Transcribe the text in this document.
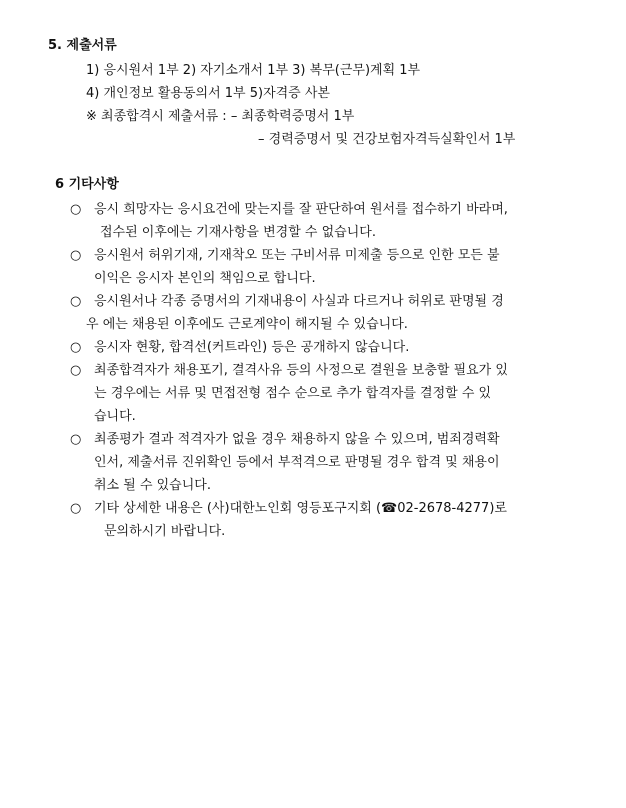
5. 제출서류
1) 응시원서 1부 2) 자기소개서 1부 3) 복무(근무)계획 1부
4) 개인정보 활용동의서 1부 5)자격증 사본
※ 최종합격시 제출서류 : – 최종학력증명서 1부
– 경력증명서 및 건강보험자격득실확인서 1부
6 기타사항
○ 응시 희망자는 응시요건에 맞는지를 잘 판단하여 원서를 접수하기 바라며,
접수된 이후에는 기재사항을 변경할 수 없습니다.
○ 응시원서 허위기재, 기재착오 또는 구비서류 미제출 등으로 인한 모든 불
이익은 응시자 본인의 책임으로 합니다.
○ 응시원서나 각종 증명서의 기재내용이 사실과 다르거나 허위로 판명될 경
우 에는 채용된 이후에도 근로계약이 해지될 수 있습니다.
○ 응시자 현황, 합격선(커트라인) 등은 공개하지 않습니다.
○ 최종합격자가 채용포기, 결격사유 등의 사정으로 결원을 보충할 필요가 있
는 경우에는 서류 및 면접전형 점수 순으로 추가 합격자를 결정할 수 있
습니다.
○ 최종평가 결과 적격자가 없을 경우 채용하지 않을 수 있으며, 범죄경력확
인서, 제출서류 진위확인 등에서 부적격으로 판명될 경우 합격 및 채용이
취소 될 수 있습니다.
○ 기타 상세한 내용은 (사)대한노인회 영등포구지회 (☎02-2678-4277)로
문의하시기 바랍니다.
